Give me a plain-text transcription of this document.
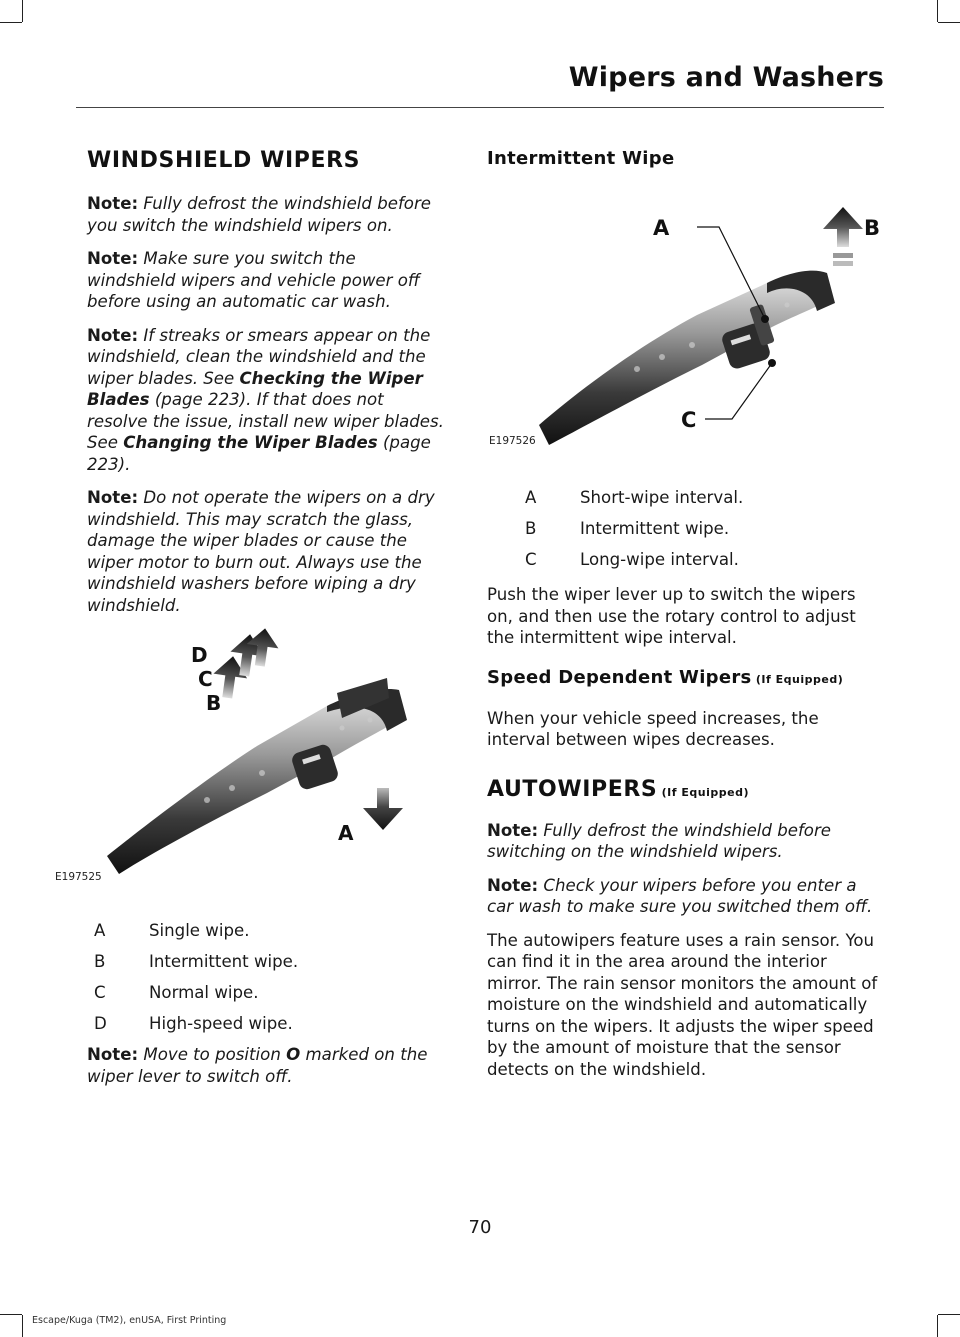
Wipers and Washers
WINDSHIELD WIPERS

Note: Fully defrost the windshield before you switch the windshield wipers on.

Note: Make sure you switch the windshield wipers and vehicle power off before using an automatic car wash.

Note: If streaks or smears appear on the windshield, clean the windshield and the wiper blades. See Checking the Wiper Blades (page 223). If that does not resolve the issue, install new wiper blades. See Changing the Wiper Blades (page 223).

Note: Do not operate the wipers on a dry windshield. This may scratch the glass, damage the wiper blades or cause the wiper motor to burn out. Always use the windshield washers before wiping a dry windshield.

D
C
B
A
E197525
A	Single wipe.
B	Intermittent wipe.
C	Normal wipe.
D	High-speed wipe.

Note: Move to position O marked on the wiper lever to switch off.

Intermittent Wipe
A	B
C
E197526
A	Short-wipe interval.
B	Intermittent wipe.
C	Long-wipe interval.

Push the wiper lever up to switch the wipers on, and then use the rotary control to adjust the intermittent wipe interval.

Speed Dependent Wipers (If Equipped)

When your vehicle speed increases, the interval between wipes decreases.

AUTOWIPERS (If Equipped)

Note: Fully defrost the windshield before switching on the windshield wipers.

Note: Check your wipers before you enter a car wash to make sure you switched them off.

The autowipers feature uses a rain sensor. You can find it in the area around the interior mirror. The rain sensor monitors the amount of moisture on the windshield and automatically turns on the wipers. It adjusts the wiper speed by the amount of moisture that the sensor detects on the windshield.

70
Escape/Kuga (TM2), enUSA, First Printing
